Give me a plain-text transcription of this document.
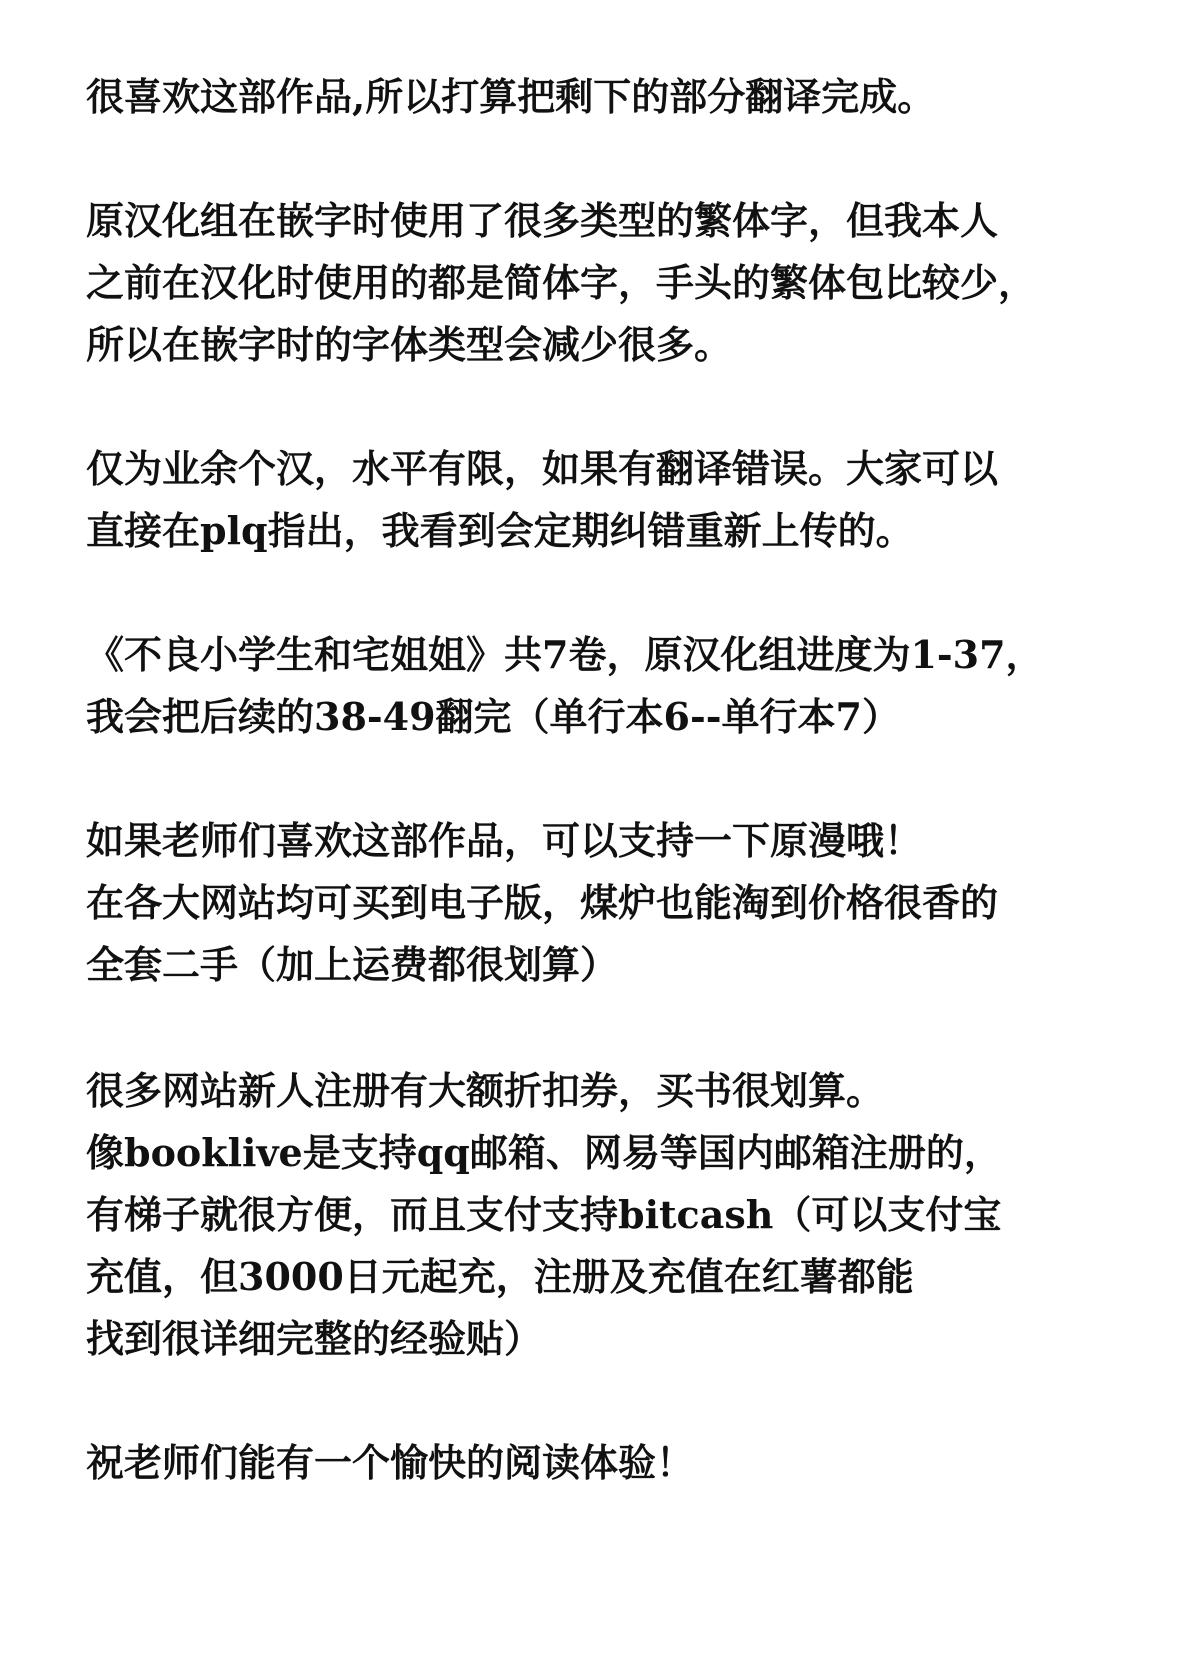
很喜欢这部作品,所以打算把剩下的部分翻译完成。

原汉化组在嵌字时使用了很多类型的繁体字，但我本人
之前在汉化时使用的都是简体字，手头的繁体包比较少，
所以在嵌字时的字体类型会减少很多。

仅为业余个汉，水平有限，如果有翻译错误。大家可以
直接在plq指出，我看到会定期纠错重新上传的。

《不良小学生和宅姐姐》共7卷，原汉化组进度为1-37，
我会把后续的38-49翻完（单行本6--单行本7）

如果老师们喜欢这部作品，可以支持一下原漫哦！
在各大网站均可买到电子版，煤炉也能淘到价格很香的
全套二手（加上运费都很划算）

很多网站新人注册有大额折扣券，买书很划算。
像booklive是支持qq邮箱、网易等国内邮箱注册的，
有梯子就很方便，而且支付支持bitcash（可以支付宝
充值，但3000日元起充，注册及充值在红薯都能
找到很详细完整的经验贴）

祝老师们能有一个愉快的阅读体验！
